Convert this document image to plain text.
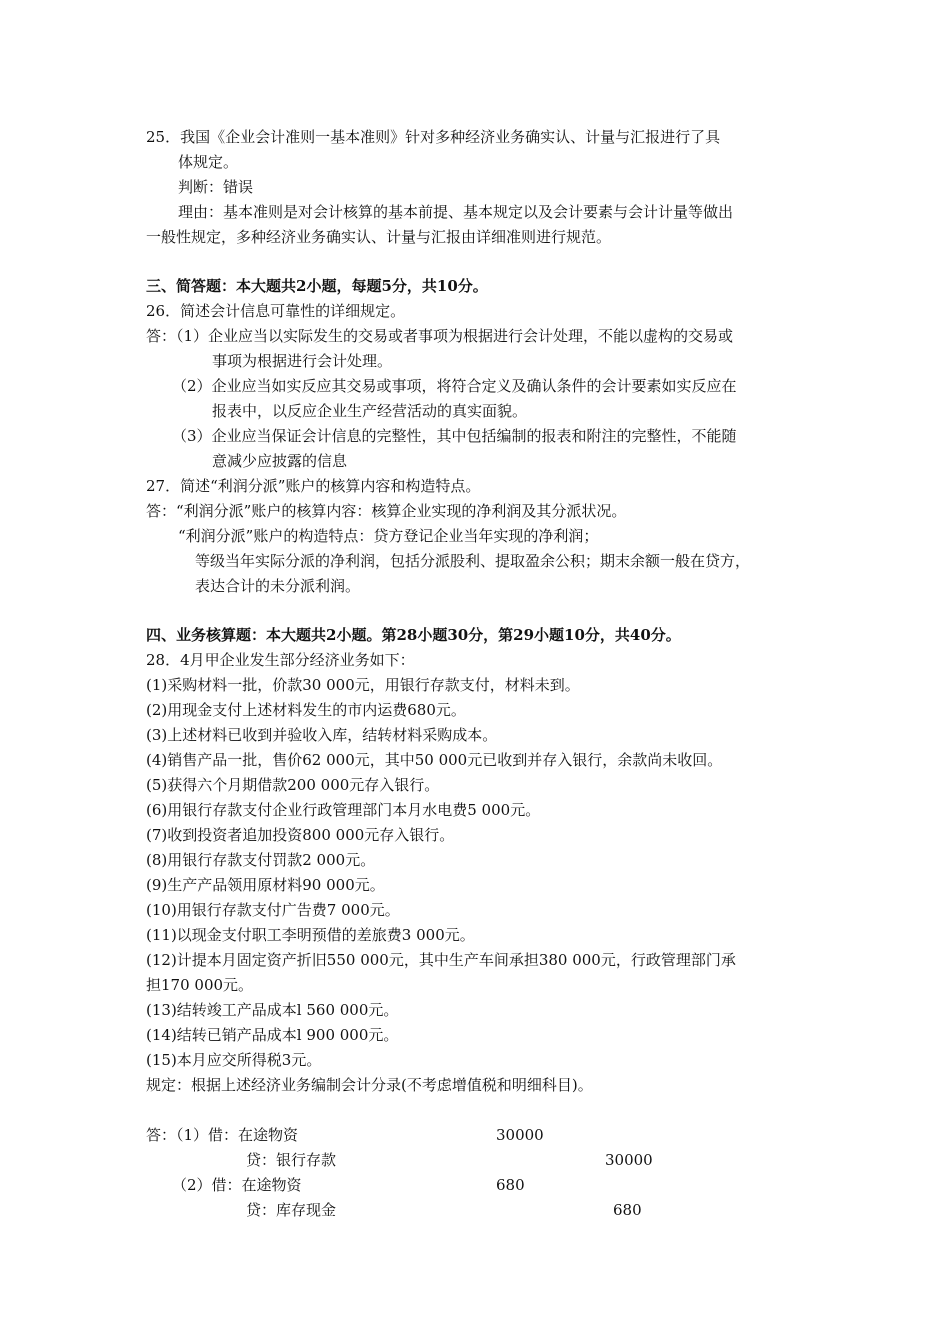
25．我国《企业会计准则一基本准则》针对多种经济业务确实认、计量与汇报进行了具
体规定。
判断：错误
理由：基本准则是对会计核算的基本前提、基本规定以及会计要素与会计计量等做出
一般性规定，多种经济业务确实认、计量与汇报由详细准则进行规范。
三、简答题：本大题共2小题，每题5分，共10分。
26．简述会计信息可靠性的详细规定。
答：（1）企业应当以实际发生的交易或者事项为根据进行会计处理，不能以虚构的交易或
事项为根据进行会计处理。
（2）企业应当如实反应其交易或事项，将符合定义及确认条件的会计要素如实反应在
报表中，以反应企业生产经营活动的真实面貌。
（3）企业应当保证会计信息的完整性，其中包括编制的报表和附注的完整性，不能随
意减少应披露的信息
27．简述“利润分派”账户的核算内容和构造特点。
答：“利润分派”账户的核算内容：核算企业实现的净利润及其分派状况。
“利润分派”账户的构造特点：贷方登记企业当年实现的净利润；
等级当年实际分派的净利润，包括分派股利、提取盈余公积；期末余额一般在贷方，
表达合计的未分派利润。
四、业务核算题：本大题共2小题。第28小题30分，第29小题10分，共40分。
28．4月甲企业发生部分经济业务如下：
(1)采购材料一批，价款30 000元，用银行存款支付，材料未到。
(2)用现金支付上述材料发生的市内运费680元。
(3)上述材料已收到并验收入库，结转材料采购成本。
(4)销售产品一批，售价62 000元，其中50 000元已收到并存入银行，余款尚未收回。
(5)获得六个月期借款200 000元存入银行。
(6)用银行存款支付企业行政管理部门本月水电费5 000元。
(7)收到投资者追加投资800 000元存入银行。
(8)用银行存款支付罚款2 000元。
(9)生产产品领用原材料90 000元。
(10)用银行存款支付广告费7 000元。
(11)以现金支付职工李明预借的差旅费3 000元。
(12)计提本月固定资产折旧550 000元，其中生产车间承担380 000元，行政管理部门承
担170 000元。
(13)结转竣工产品成本l 560 000元。
(14)结转已销产品成本l 900 000元。
(15)本月应交所得税3元。
规定：根据上述经济业务编制会计分录(不考虑增值税和明细科目)。
答：（1）借：在途物资	30000
贷：银行存款	30000
（2）借：在途物资	680
贷：库存现金	680
